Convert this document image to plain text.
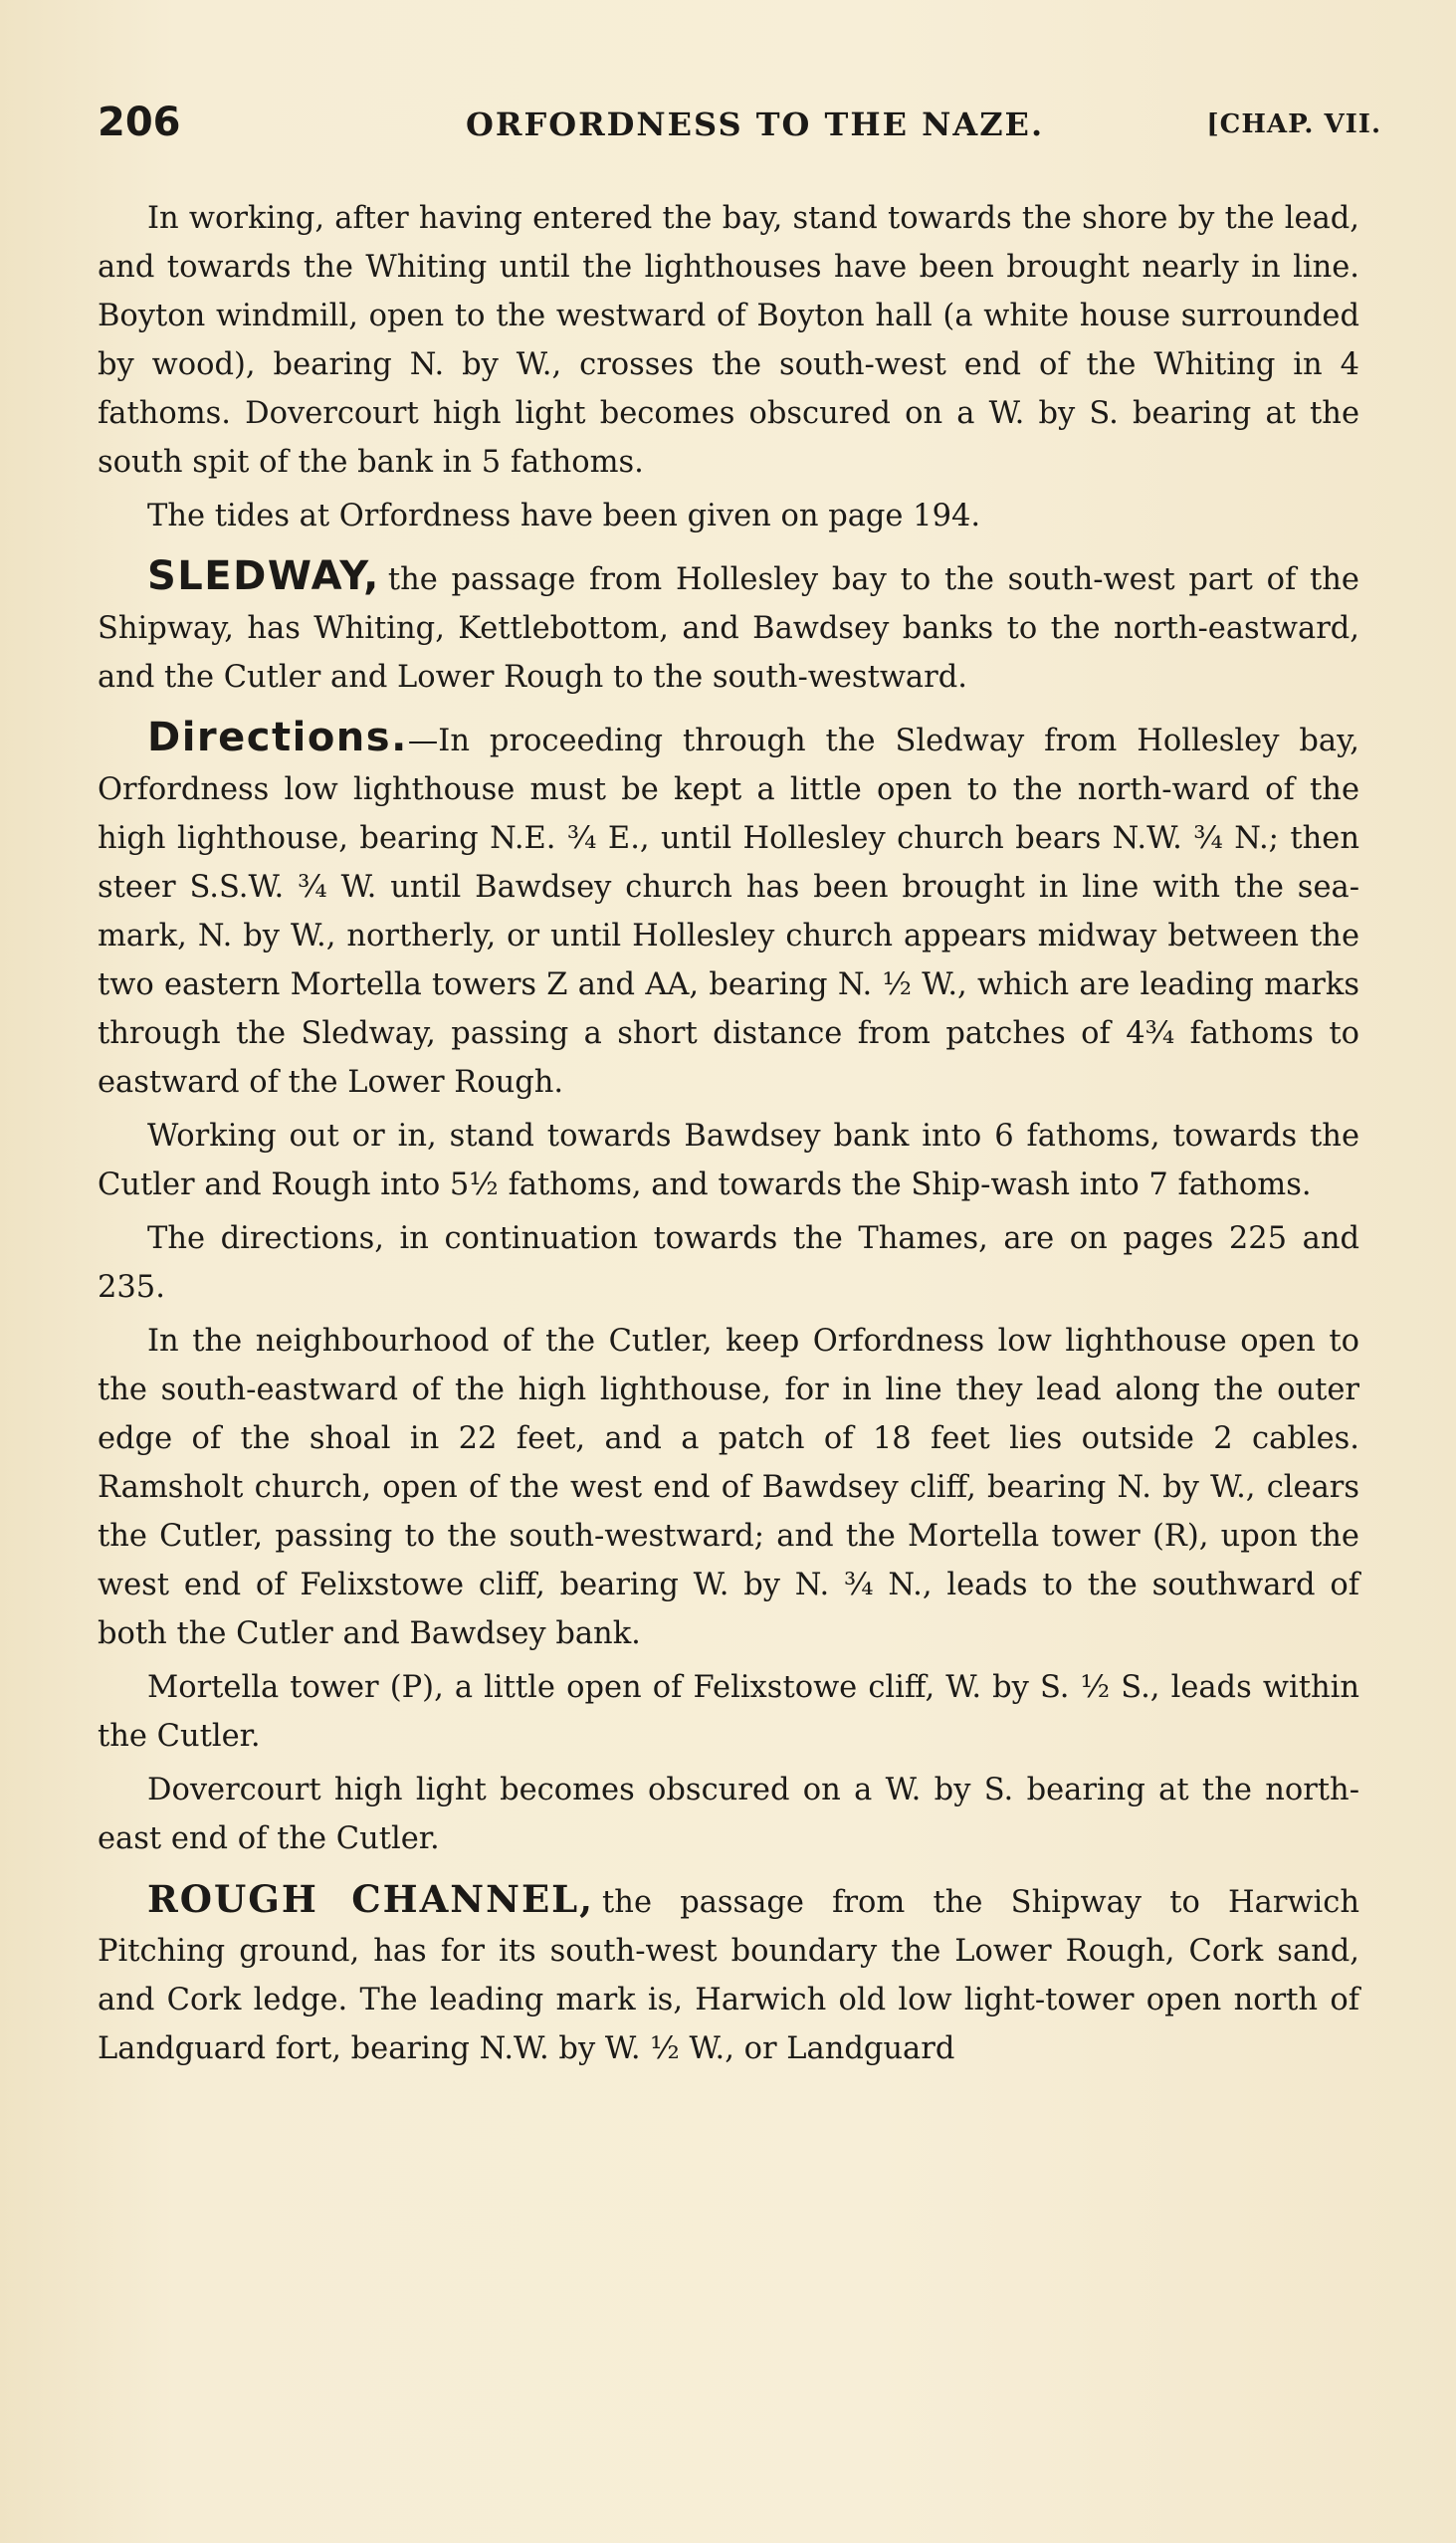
206	ORFORDNESS TO THE NAZE.	[CHAP. VII.

In working, after having entered the bay, stand towards the shore by the lead, and towards the Whiting until the lighthouses have been brought nearly in line. Boyton windmill, open to the westward of Boyton hall (a white house surrounded by wood), bearing N. by W., crosses the south-west end of the Whiting in 4 fathoms. Dovercourt high light becomes obscured on a W. by S. bearing at the south spit of the bank in 5 fathoms.

The tides at Orfordness have been given on page 194.

SLEDWAY, the passage from Hollesley bay to the south-west part of the Shipway, has Whiting, Kettlebottom, and Bawdsey banks to the north-eastward, and the Cutler and Lower Rough to the south-westward.

Directions.—In proceeding through the Sledway from Hollesley bay, Orfordness low lighthouse must be kept a little open to the north-ward of the high lighthouse, bearing N.E. ¾ E., until Hollesley church bears N.W. ¾ N.; then steer S.S.W. ¾ W. until Bawdsey church has been brought in line with the sea-mark, N. by W., northerly, or until Hollesley church appears midway between the two eastern Mortella towers Z and AA, bearing N. ½ W., which are leading marks through the Sledway, passing a short distance from patches of 4¾ fathoms to eastward of the Lower Rough.

Working out or in, stand towards Bawdsey bank into 6 fathoms, towards the Cutler and Rough into 5½ fathoms, and towards the Ship-wash into 7 fathoms.

The directions, in continuation towards the Thames, are on pages 225 and 235.

In the neighbourhood of the Cutler, keep Orfordness low lighthouse open to the south-eastward of the high lighthouse, for in line they lead along the outer edge of the shoal in 22 feet, and a patch of 18 feet lies outside 2 cables. Ramsholt church, open of the west end of Bawdsey cliff, bearing N. by W., clears the Cutler, passing to the south-westward; and the Mortella tower (R), upon the west end of Felixstowe cliff, bearing W. by N. ¾ N., leads to the southward of both the Cutler and Bawdsey bank.

Mortella tower (P), a little open of Felixstowe cliff, W. by S. ½ S., leads within the Cutler.

Dovercourt high light becomes obscured on a W. by S. bearing at the north-east end of the Cutler.

ROUGH CHANNEL, the passage from the Shipway to Harwich Pitching ground, has for its south-west boundary the Lower Rough, Cork sand, and Cork ledge. The leading mark is, Harwich old low light-tower open north of Landguard fort, bearing N.W. by W. ½ W., or Landguard
